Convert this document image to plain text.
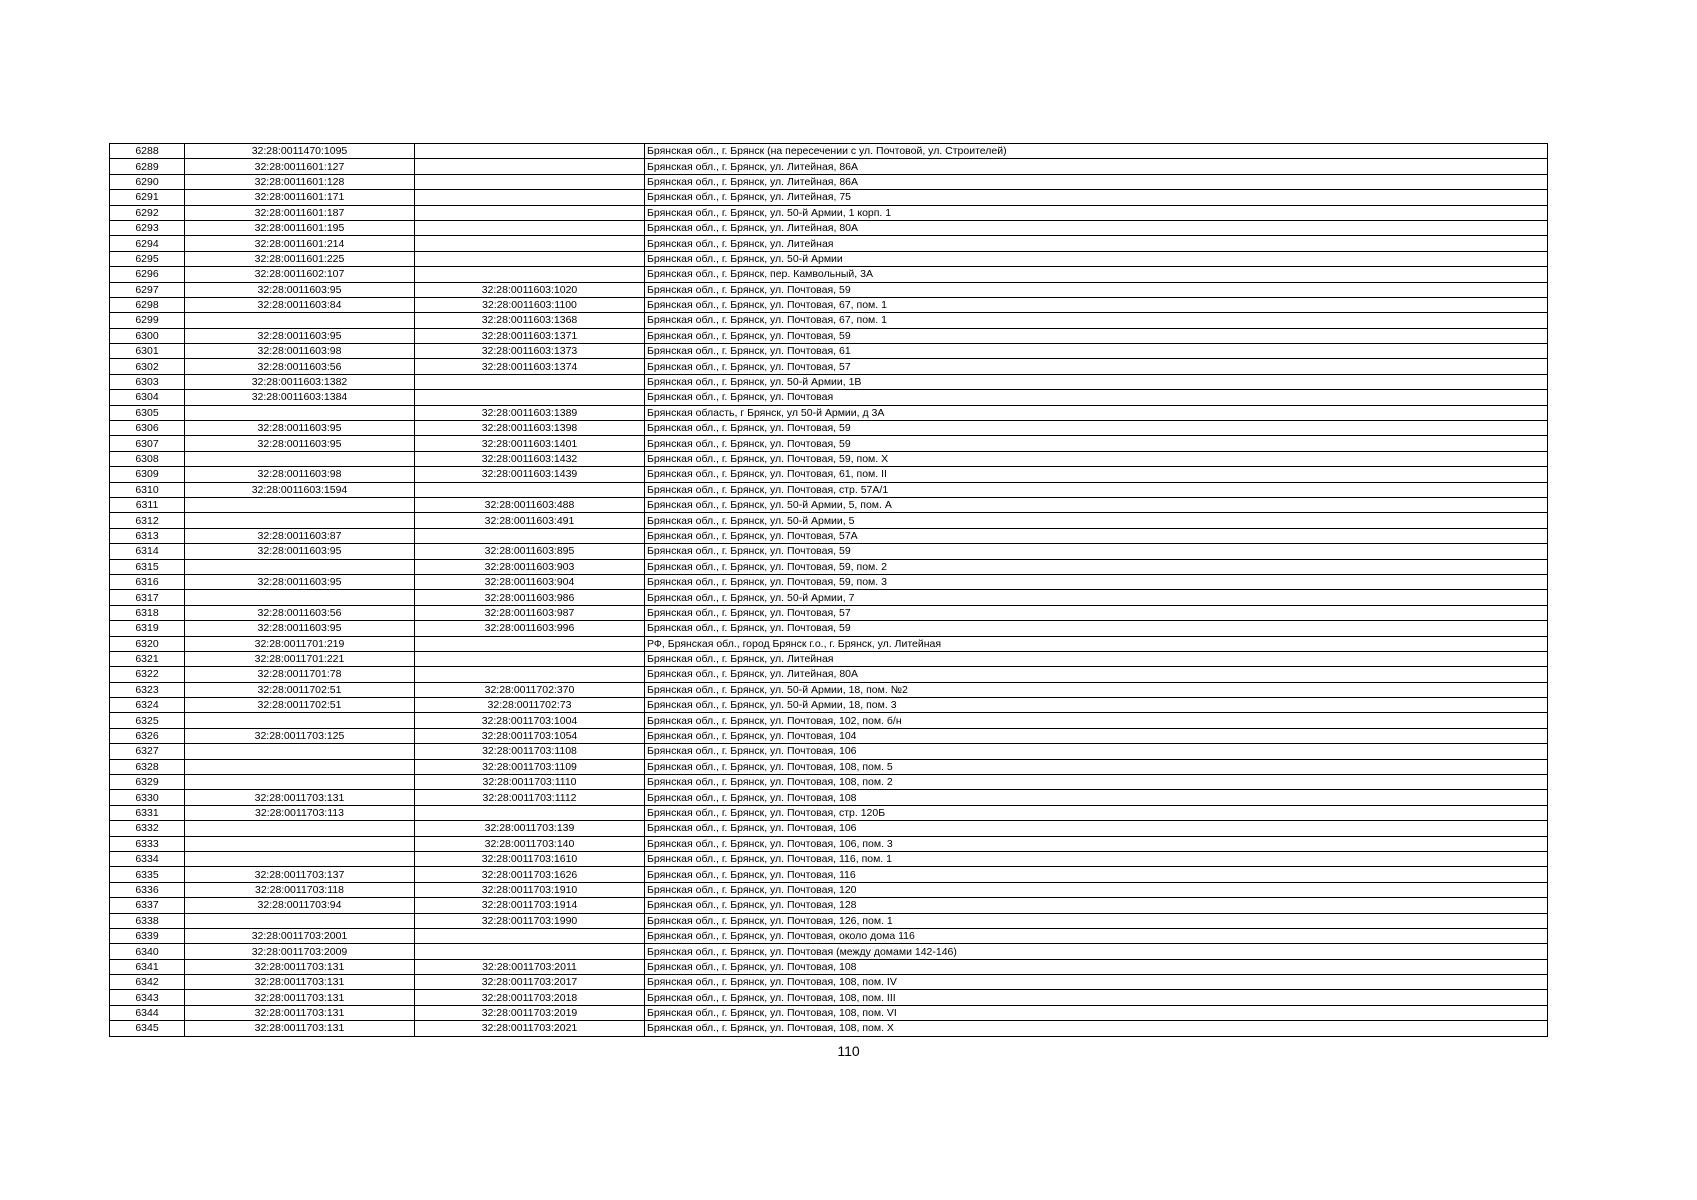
6288	32:28:0011470:1095		Брянская обл., г. Брянск (на пересечении с ул. Почтовой, ул. Строителей)
6289	32:28:0011601:127		Брянская обл., г. Брянск, ул. Литейная, 86А
6290	32:28:0011601:128		Брянская обл., г. Брянск, ул. Литейная, 86А
6291	32:28:0011601:171		Брянская обл., г. Брянск, ул. Литейная, 75
6292	32:28:0011601:187		Брянская обл., г. Брянск, ул. 50-й Армии, 1 корп. 1
6293	32:28:0011601:195		Брянская обл., г. Брянск, ул. Литейная, 80А
6294	32:28:0011601:214		Брянская обл., г. Брянск, ул. Литейная
6295	32:28:0011601:225		Брянская обл., г. Брянск, ул. 50-й Армии
6296	32:28:0011602:107		Брянская обл., г. Брянск, пер. Камвольный, 3А
6297	32:28:0011603:95	32:28:0011603:1020	Брянская обл., г. Брянск, ул. Почтовая, 59
6298	32:28:0011603:84	32:28:0011603:1100	Брянская обл., г. Брянск, ул. Почтовая, 67, пом. 1
6299		32:28:0011603:1368	Брянская обл., г. Брянск, ул. Почтовая, 67, пом. 1
6300	32:28:0011603:95	32:28:0011603:1371	Брянская обл., г. Брянск, ул. Почтовая, 59
6301	32:28:0011603:98	32:28:0011603:1373	Брянская обл., г. Брянск, ул. Почтовая, 61
6302	32:28:0011603:56	32:28:0011603:1374	Брянская обл., г. Брянск, ул. Почтовая, 57
6303	32:28:0011603:1382		Брянская обл., г. Брянск, ул. 50-й Армии, 1В
6304	32:28:0011603:1384		Брянская обл., г. Брянск, ул. Почтовая
6305		32:28:0011603:1389	Брянская область, г Брянск, ул 50-й Армии, д 3А
6306	32:28:0011603:95	32:28:0011603:1398	Брянская обл., г. Брянск, ул. Почтовая, 59
6307	32:28:0011603:95	32:28:0011603:1401	Брянская обл., г. Брянск, ул. Почтовая, 59
6308		32:28:0011603:1432	Брянская обл., г. Брянск, ул. Почтовая, 59, пом. X
6309	32:28:0011603:98	32:28:0011603:1439	Брянская обл., г. Брянск, ул. Почтовая, 61, пом. II
6310	32:28:0011603:1594		Брянская обл., г. Брянск, ул. Почтовая, стр. 57А/1
6311		32:28:0011603:488	Брянская обл., г. Брянск, ул. 50-й Армии, 5, пом. А
6312		32:28:0011603:491	Брянская обл., г. Брянск, ул. 50-й Армии, 5
6313	32:28:0011603:87		Брянская обл., г. Брянск, ул. Почтовая, 57А
6314	32:28:0011603:95	32:28:0011603:895	Брянская обл., г. Брянск, ул. Почтовая, 59
6315		32:28:0011603:903	Брянская обл., г. Брянск, ул. Почтовая, 59, пом. 2
6316	32:28:0011603:95	32:28:0011603:904	Брянская обл., г. Брянск, ул. Почтовая, 59, пом. 3
6317		32:28:0011603:986	Брянская обл., г. Брянск, ул. 50-й Армии, 7
6318	32:28:0011603:56	32:28:0011603:987	Брянская обл., г. Брянск, ул. Почтовая, 57
6319	32:28:0011603:95	32:28:0011603:996	Брянская обл., г. Брянск, ул. Почтовая, 59
6320	32:28:0011701:219		РФ, Брянская обл., город Брянск г.о., г. Брянск, ул. Литейная
6321	32:28:0011701:221		Брянская обл., г. Брянск, ул. Литейная
6322	32:28:0011701:78		Брянская обл., г. Брянск, ул. Литейная, 80А
6323	32:28:0011702:51	32:28:0011702:370	Брянская обл., г. Брянск, ул. 50-й Армии, 18, пом. №2
6324	32:28:0011702:51	32:28:0011702:73	Брянская обл., г. Брянск, ул. 50-й Армии, 18, пом. 3
6325		32:28:0011703:1004	Брянская обл., г. Брянск, ул. Почтовая, 102, пом. б/н
6326	32:28:0011703:125	32:28:0011703:1054	Брянская обл., г. Брянск, ул. Почтовая, 104
6327		32:28:0011703:1108	Брянская обл., г. Брянск, ул. Почтовая, 106
6328		32:28:0011703:1109	Брянская обл., г. Брянск, ул. Почтовая, 108, пом. 5
6329		32:28:0011703:1110	Брянская обл., г. Брянск, ул. Почтовая, 108, пом. 2
6330	32:28:0011703:131	32:28:0011703:1112	Брянская обл., г. Брянск, ул. Почтовая, 108
6331	32:28:0011703:113		Брянская обл., г. Брянск, ул. Почтовая, стр. 120Б
6332		32:28:0011703:139	Брянская обл., г. Брянск, ул. Почтовая, 106
6333		32:28:0011703:140	Брянская обл., г. Брянск, ул. Почтовая, 106, пом. 3
6334		32:28:0011703:1610	Брянская обл., г. Брянск, ул. Почтовая, 116, пом. 1
6335	32:28:0011703:137	32:28:0011703:1626	Брянская обл., г. Брянск, ул. Почтовая, 116
6336	32:28:0011703:118	32:28:0011703:1910	Брянская обл., г. Брянск, ул. Почтовая, 120
6337	32:28:0011703:94	32:28:0011703:1914	Брянская обл., г. Брянск, ул. Почтовая, 128
6338		32:28:0011703:1990	Брянская обл., г. Брянск, ул. Почтовая, 126, пом. 1
6339	32:28:0011703:2001		Брянская обл., г. Брянск, ул. Почтовая, около дома 116
6340	32:28:0011703:2009		Брянская обл., г. Брянск, ул. Почтовая (между домами 142-146)
6341	32:28:0011703:131	32:28:0011703:2011	Брянская обл., г. Брянск, ул. Почтовая, 108
6342	32:28:0011703:131	32:28:0011703:2017	Брянская обл., г. Брянск, ул. Почтовая, 108, пом. IV
6343	32:28:0011703:131	32:28:0011703:2018	Брянская обл., г. Брянск, ул. Почтовая, 108, пом. III
6344	32:28:0011703:131	32:28:0011703:2019	Брянская обл., г. Брянск, ул. Почтовая, 108, пом. VI
6345	32:28:0011703:131	32:28:0011703:2021	Брянская обл., г. Брянск, ул. Почтовая, 108, пом. X
110
